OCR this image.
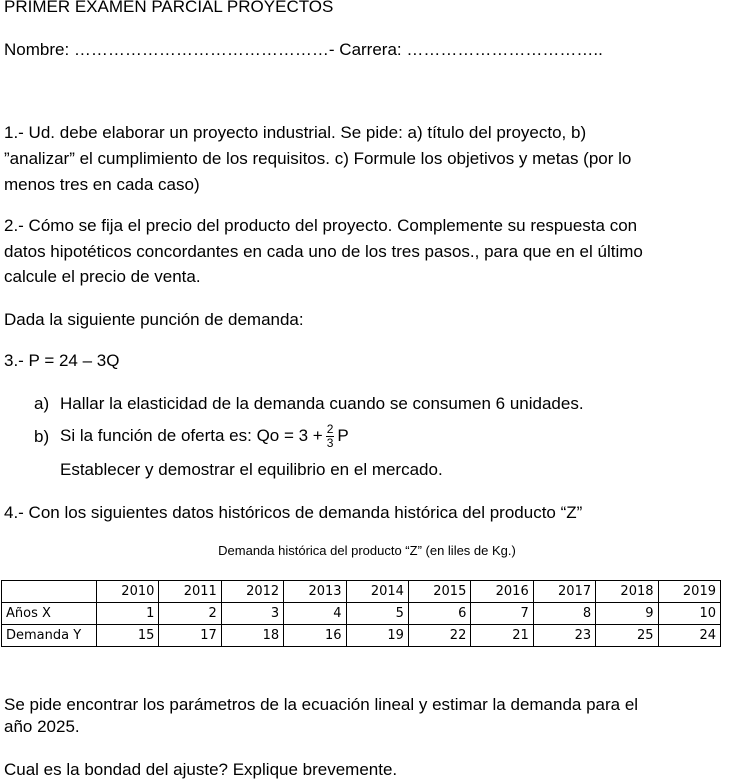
PRIMER EXAMEN PARCIAL PROYECTOS
Nombre: ………………………………………- Carrera: ……………………………..
1.- Ud. debe elaborar un proyecto industrial. Se pide: a) título del proyecto, b)
”analizar” el cumplimiento de los requisitos. c) Formule los objetivos y metas (por lo
menos tres en cada caso)
2.- Cómo se fija el precio del producto del proyecto. Complemente su respuesta con
datos hipotéticos concordantes en cada uno de los tres pasos., para que en el último
calcule el precio de venta.
Dada la siguiente punción de demanda:
3.- P = 24 – 3Q
a) Hallar la elasticidad de la demanda cuando se consumen 6 unidades.
b) Si la función de oferta es: $Qo = 3 + \frac{2}{3}$ P
Establecer y demostrar el equilibrio en el mercado.
4.- Con los siguientes datos históricos de demanda histórica del producto “Z”
Demanda histórica del producto “Z” (en liles de Kg.)
	2010	2011	2012	2013	2014	2015	2016	2017	2018	2019
Años X	1	2	3	4	5	6	7	8	9	10
Demanda Y	15	17	18	16	19	22	21	23	25	24
Se pide encontrar los parámetros de la ecuación lineal y estimar la demanda para el
año 2025.
Cual es la bondad del ajuste? Explique brevemente.
